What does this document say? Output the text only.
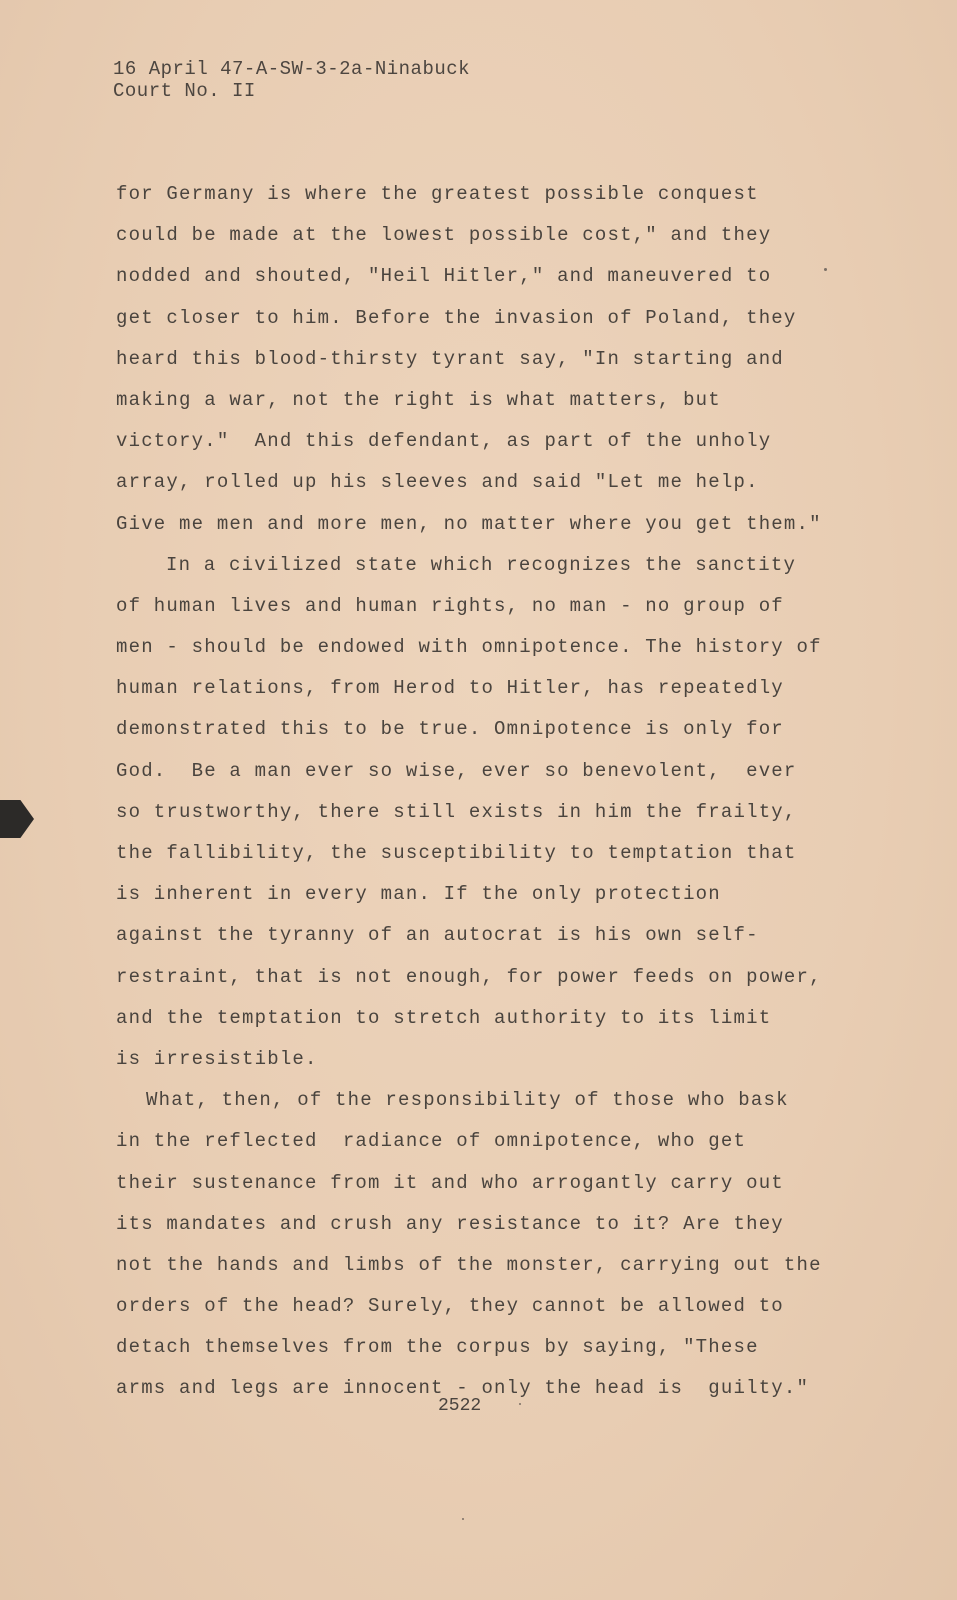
16 April 47-A-SW-3-2a-Ninabuck
Court No. II
for Germany is where the greatest possible conquest
could be made at the lowest possible cost," and they
nodded and shouted, "Heil Hitler," and maneuvered to
get closer to him. Before the invasion of Poland, they
heard this blood-thirsty tyrant say, "In starting and
making a war, not the right is what matters, but
victory."  And this defendant, as part of the unholy
array, rolled up his sleeves and said "Let me help.
Give me men and more men, no matter where you get them."
In a civilized state which recognizes the sanctity
of human lives and human rights, no man - no group of
men - should be endowed with omnipotence. The history of
human relations, from Herod to Hitler, has repeatedly
demonstrated this to be true. Omnipotence is only for
God.  Be a man ever so wise, ever so benevolent,  ever
so trustworthy, there still exists in him the frailty,
the fallibility, the susceptibility to temptation that
is inherent in every man. If the only protection
against the tyranny of an autocrat is his own self-
restraint, that is not enough, for power feeds on power,
and the temptation to stretch authority to its limit
is irresistible.
What, then, of the responsibility of those who bask
in the reflected  radiance of omnipotence, who get
their sustenance from it and who arrogantly carry out
its mandates and crush any resistance to it? Are they
not the hands and limbs of the monster, carrying out the
orders of the head? Surely, they cannot be allowed to
detach themselves from the corpus by saying, "These
arms and legs are innocent - only the head is  guilty."
2522
